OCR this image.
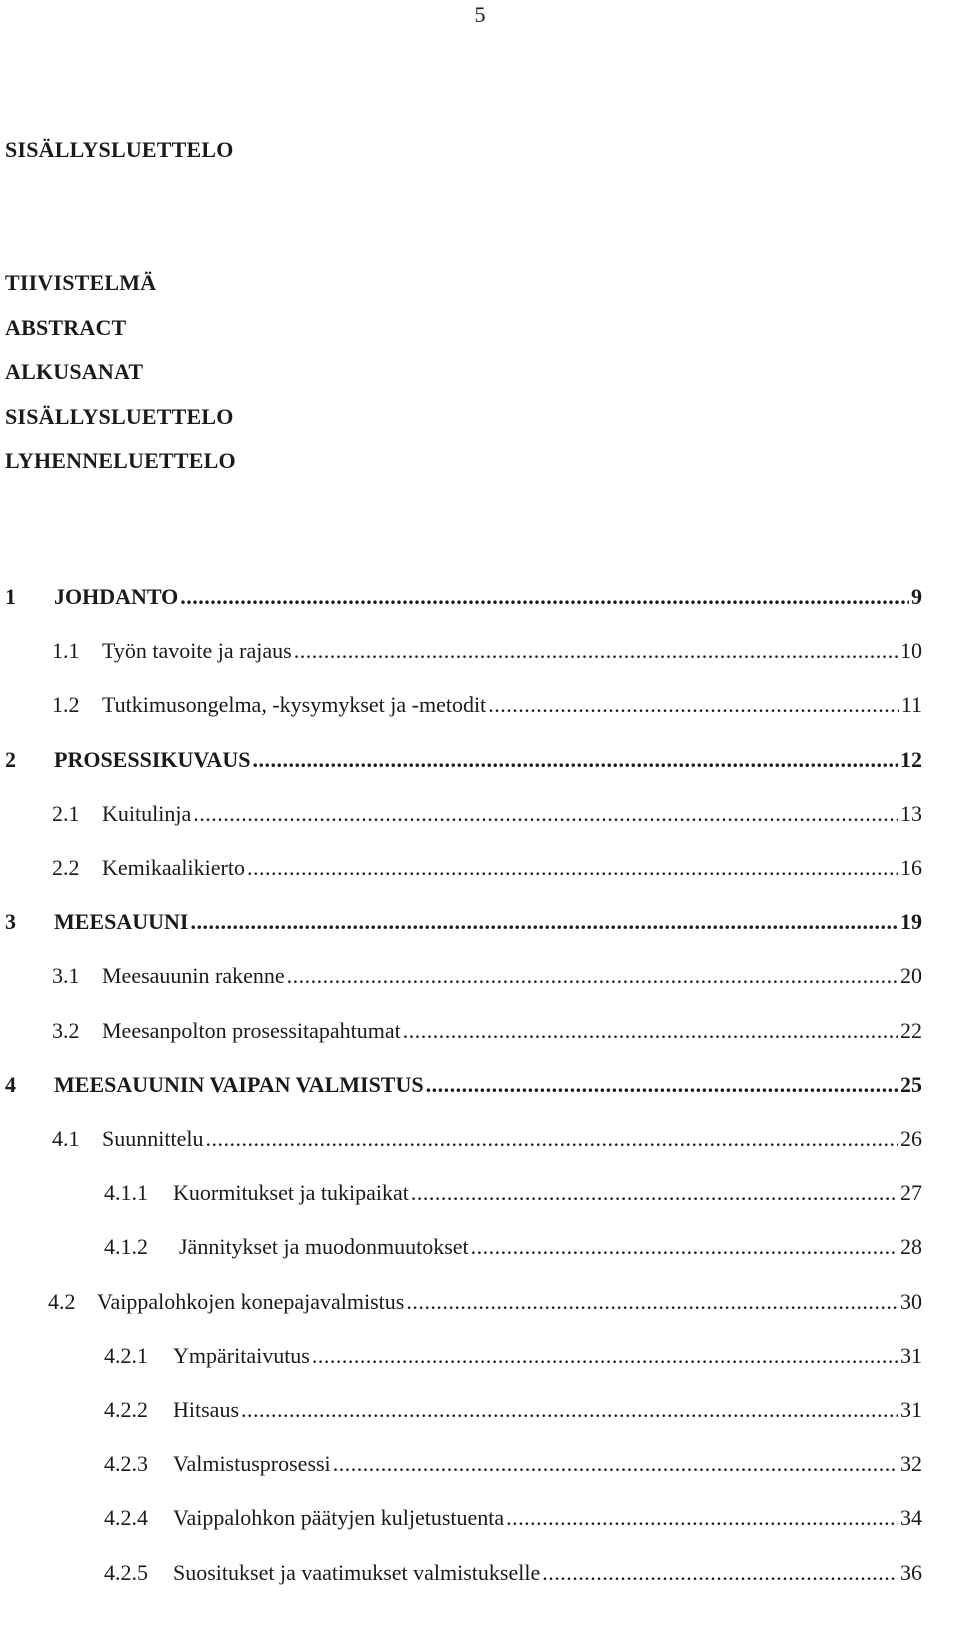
5
SISÄLLYSLUETTELO
TIIVISTELMÄ
ABSTRACT
ALKUSANAT
SISÄLLYSLUETTELO
LYHENNELUETTELO
1	JOHDANTO .....	9
1.1	Työn tavoite ja rajaus .....	10
1.2	Tutkimusongelma, -kysymykset ja -metodit .....	11
2	PROSESSIKUVAUS .....	12
2.1	Kuitulinja .....	13
2.2	Kemikaalikierto .....	16
3	MEESAUUNI .....	19
3.1	Meesauunin rakenne .....	20
3.2	Meesanpolton prosessitapahtumat .....	22
4	MEESAUUNIN VAIPAN VALMISTUS .....	25
4.1	Suunnittelu .....	26
4.1.1	Kuormitukset ja tukipaikat .....	27
4.1.2	Jännitykset ja muodonmuutokset .....	28
4.2 Vaippalohkojen konepajavalmistus .....	30
4.2.1	Ympäritaivutus .....	31
4.2.2	Hitsaus .....	31
4.2.3	Valmistusprosessi .....	32
4.2.4	Vaippalohkon päätyjen kuljetustuenta .....	34
4.2.5	Suositukset ja vaatimukset valmistukselle .....	36
